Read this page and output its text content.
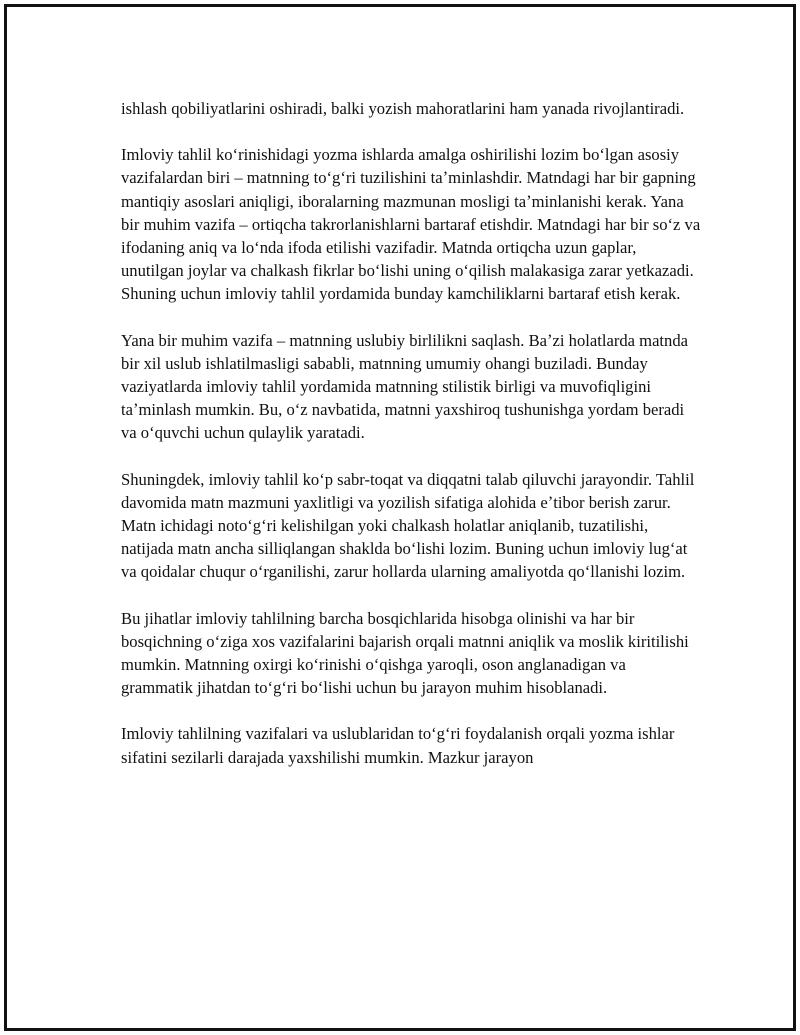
ishlash qobiliyatlarini oshiradi, balki yozish mahoratlarini ham yanada rivojlantiradi.

Imloviy tahlil koʻrinishidagi yozma ishlarda amalga oshirilishi lozim boʻlgan asosiy vazifalardan biri – matnning toʻgʻri tuzilishini taʼminlashdir. Matndagi har bir gapning mantiqiy asoslari aniqligi, iboralarning mazmunan mosligi taʼminlanishi kerak. Yana bir muhim vazifa – ortiqcha takrorlanishlarni bartaraf etishdir. Matndagi har bir soʻz va ifodaning aniq va loʻnda ifoda etilishi vazifadir. Matnda ortiqcha uzun gaplar, unutilgan joylar va chalkash fikrlar boʻlishi uning oʻqilish malakasiga zarar yetkazadi. Shuning uchun imloviy tahlil yordamida bunday kamchiliklarni bartaraf etish kerak.

Yana bir muhim vazifa – matnning uslubiy birlilikni saqlash. Baʼzi holatlarda matnda bir xil uslub ishlatilmasligi sababli, matnning umumiy ohangi buziladi. Bunday vaziyatlarda imloviy tahlil yordamida matnning stilistik birligi va muvofiqligini taʼminlash mumkin. Bu, oʻz navbatida, matnni yaxshiroq tushunishga yordam beradi va oʻquvchi uchun qulaylik yaratadi.

Shuningdek, imloviy tahlil koʻp sabr-toqat va diqqatni talab qiluvchi jarayondir. Tahlil davomida matn mazmuni yaxlitligi va yozilish sifatiga alohida eʼtibor berish zarur. Matn ichidagi notoʻgʻri kelishilgan yoki chalkash holatlar aniqlanib, tuzatilishi, natijada matn ancha silliqlangan shaklda boʻlishi lozim. Buning uchun imloviy lugʻat va qoidalar chuqur oʻrganilishi, zarur hollarda ularning amaliyotda qoʻllanishi lozim.

Bu jihatlar imloviy tahlilning barcha bosqichlarida hisobga olinishi va har bir bosqichning oʻziga xos vazifalarini bajarish orqali matnni aniqlik va moslik kiritilishi mumkin. Matnning oxirgi koʻrinishi oʻqishga yaroqli, oson anglanadigan va grammatik jihatdan toʻgʻri boʻlishi uchun bu jarayon muhim hisoblanadi.

Imloviy tahlilning vazifalari va uslublaridan toʻgʻri foydalanish orqali yozma ishlar sifatini sezilarli darajada yaxshilishi mumkin. Mazkur jarayon
